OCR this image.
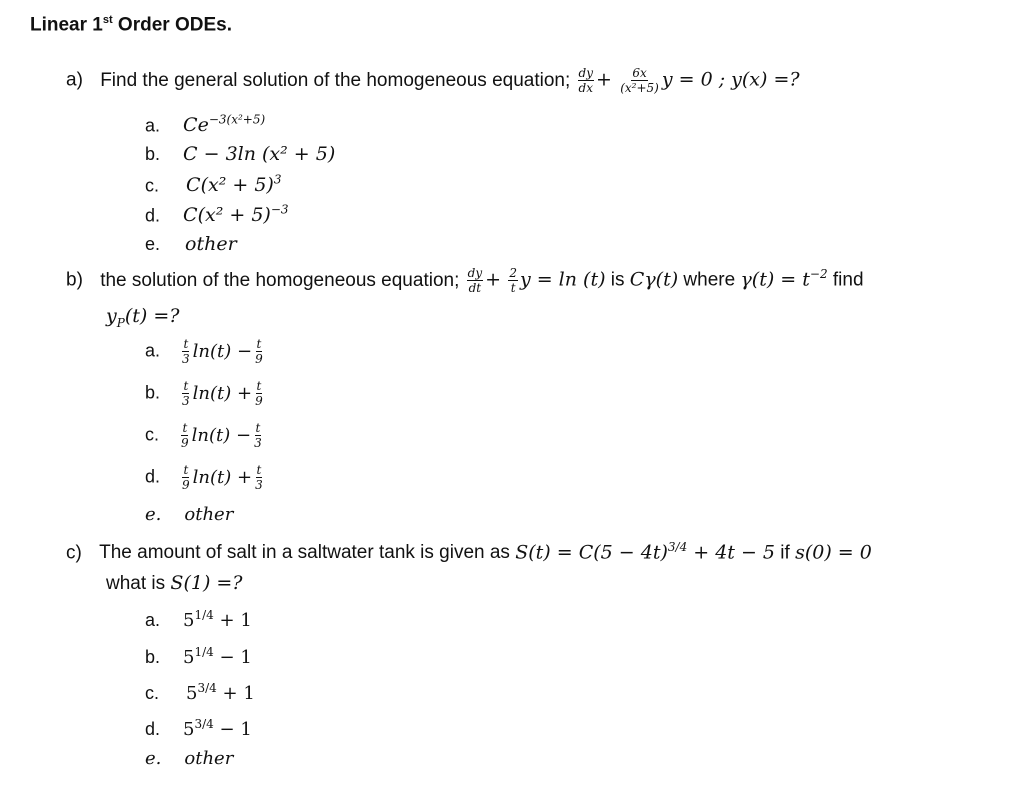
Linear 1st Order ODEs.
a) Find the general solution of the homogeneous equation; $\frac{dy}{dx} + \frac{6x}{\text{(x²+5)}}$ y = 0 ; y(x) =?
a. $Ce^{-3(x^2+5)}$
b. C − 3ln (x² + 5)
c. $C(x^2 + 5)^3$
d. $C(x^2 + 5)^{-3}$
e. other
b) the solution of the homogeneous equation; $\frac{dy}{dt} + \frac{2}{t}$ y = ln (t) is Cγ(t) where $\gamma(t) = t^{-2}$ find
$y_P(t)$ =?
a. $\frac{t}{3} \ln(t) - \frac{t}{9}$
b. $\frac{t}{3} \ln(t) + \frac{t}{9}$
c. $\frac{t}{9} \ln(t) - \frac{t}{3}$
d. $\frac{t}{9} \ln(t) + \frac{t}{3}$
e. other
c) The amount of salt in a saltwater tank is given as $S(t) = C(5 - 4t)^{3/4} + 4t - 5$ if s(0) = 0
what is S(1) =?
a. $5^{1/4} + 1$
b. $5^{1/4} - 1$
c. $5^{3/4} + 1$
d. $5^{3/4} - 1$
e. other
